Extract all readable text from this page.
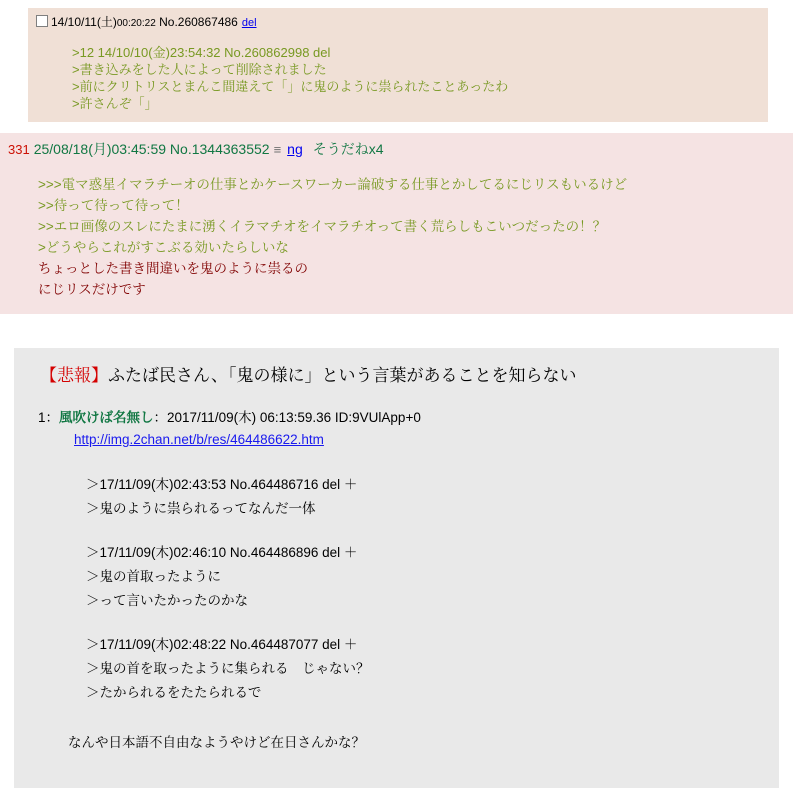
14/10/11(土)00:20:22 No.260867486 del
>12 14/10/10(金)23:54:32 No.260862998 del
>書き込みをした人によって削除されました
>前にクリトリスとまんこ間違えて「」に鬼のように祟られたことあったわ
>許さんぞ「」
331 25/08/18(月)03:45:59 No.1344363552 ≡ ng そうだねx4
>>>電マ惑星イマラチーオの仕事とかケースワーカー論破する仕事とかしてるにじリスもいるけど
>>待って待って待って！
>>エロ画像のスレにたまに湧くイラマチオをイマラチオって書く荒らしもこいつだったの！？
>どうやらこれがすこぶる効いたらしいな
ちょっとした書き間違いを鬼のように祟るの
にじリスだけです
【悲報】ふたば民さん、「鬼の様に」という言葉があることを知らない
1：風吹けば名無し：2017/11/09(木) 06:13:59.36 ID:9VUlApp+0
http://img.2chan.net/b/res/464486622.htm
＞17/11/09(木)02:43:53 No.464486716 del ＋
＞鬼のように祟られるってなんだ一体
＞17/11/09(木)02:46:10 No.464486896 del ＋
＞鬼の首取ったように
＞って言いたかったのかな
＞17/11/09(木)02:48:22 No.464487077 del ＋
＞鬼の首を取ったように集られる　じゃない？
＞たかられるをたたられるで
なんや日本語不自由なようやけど在日さんかな？
